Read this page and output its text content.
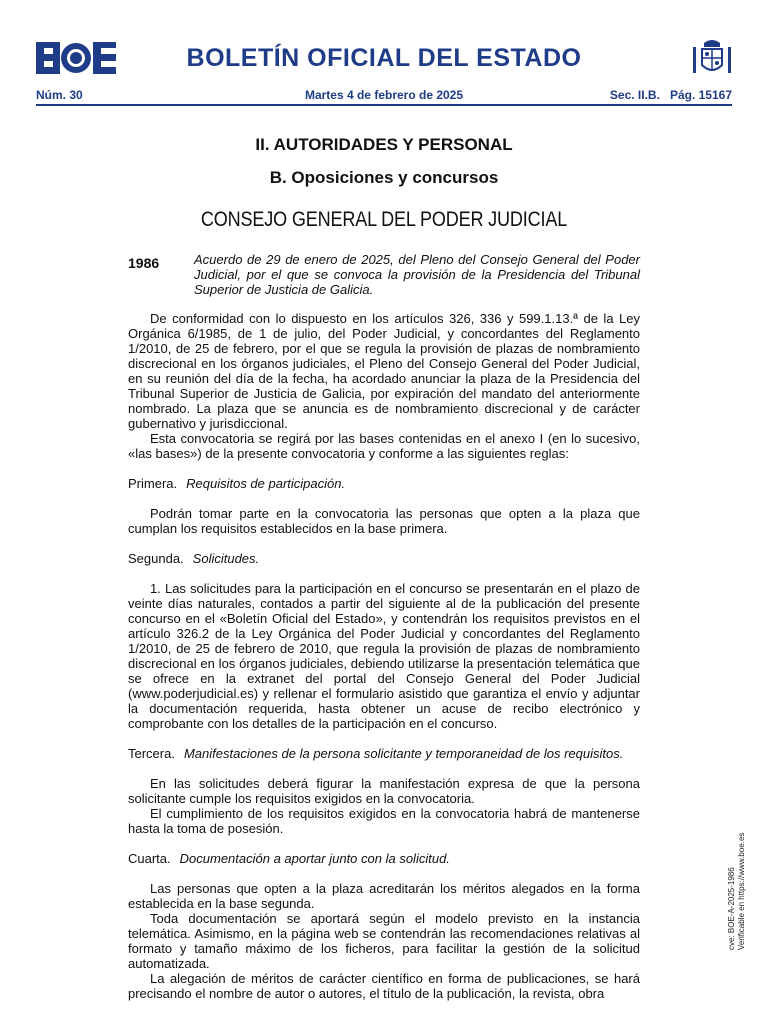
BOLETÍN OFICIAL DEL ESTADO
Núm. 30	Martes 4 de febrero de 2025	Sec. II.B. Pág. 15167
II. AUTORIDADES Y PERSONAL
B. Oposiciones y concursos
CONSEJO GENERAL DEL PODER JUDICIAL
1986	Acuerdo de 29 de enero de 2025, del Pleno del Consejo General del Poder Judicial, por el que se convoca la provisión de la Presidencia del Tribunal Superior de Justicia de Galicia.

De conformidad con lo dispuesto en los artículos 326, 336 y 599.1.13.ª de la Ley Orgánica 6/1985, de 1 de julio, del Poder Judicial, y concordantes del Reglamento 1/2010, de 25 de febrero, por el que se regula la provisión de plazas de nombramiento discrecional en los órganos judiciales, el Pleno del Consejo General del Poder Judicial, en su reunión del día de la fecha, ha acordado anunciar la plaza de la Presidencia del Tribunal Superior de Justicia de Galicia, por expiración del mandato del anteriormente nombrado. La plaza que se anuncia es de nombramiento discrecional y de carácter gubernativo y jurisdiccional.

Esta convocatoria se regirá por las bases contenidas en el anexo I (en lo sucesivo, «las bases») de la presente convocatoria y conforme a las siguientes reglas:

Primera. Requisitos de participación.

Podrán tomar parte en la convocatoria las personas que opten a la plaza que cumplan los requisitos establecidos en la base primera.

Segunda. Solicitudes.

1. Las solicitudes para la participación en el concurso se presentarán en el plazo de veinte días naturales, contados a partir del siguiente al de la publicación del presente concurso en el «Boletín Oficial del Estado», y contendrán los requisitos previstos en el artículo 326.2 de la Ley Orgánica del Poder Judicial y concordantes del Reglamento 1/2010, de 25 de febrero de 2010, que regula la provisión de plazas de nombramiento discrecional en los órganos judiciales, debiendo utilizarse la presentación telemática que se ofrece en la extranet del portal del Consejo General del Poder Judicial (www.poderjudicial.es) y rellenar el formulario asistido que garantiza el envío y adjuntar la documentación requerida, hasta obtener un acuse de recibo electrónico y comprobante con los detalles de la participación en el concurso.

Tercera. Manifestaciones de la persona solicitante y temporaneidad de los requisitos.

En las solicitudes deberá figurar la manifestación expresa de que la persona solicitante cumple los requisitos exigidos en la convocatoria.

El cumplimiento de los requisitos exigidos en la convocatoria habrá de mantenerse hasta la toma de posesión.

Cuarta. Documentación a aportar junto con la solicitud.

Las personas que opten a la plaza acreditarán los méritos alegados en la forma establecida en la base segunda.

Toda documentación se aportará según el modelo previsto en la instancia telemática. Asimismo, en la página web se contendrán las recomendaciones relativas al formato y tamaño máximo de los ficheros, para facilitar la gestión de la solicitud automatizada.

La alegación de méritos de carácter científico en forma de publicaciones, se hará precisando el nombre de autor o autores, el título de la publicación, la revista, obra

cve: BOE-A-2025-1986 Verificable en https://www.boe.es
